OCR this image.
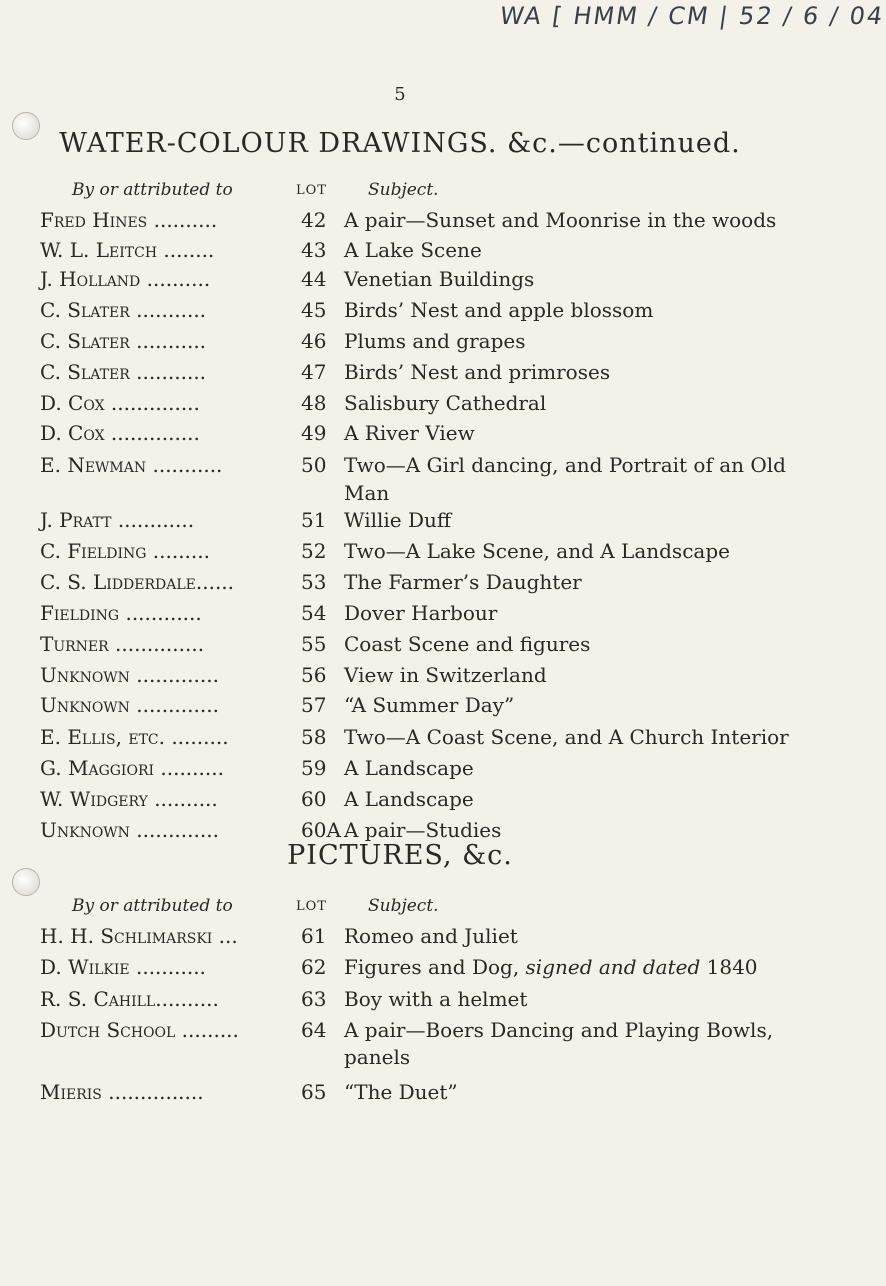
WA [ HMM / CM | 52 / 6 / 04
5
WATER-COLOUR DRAWINGS. &c.—continued.
By or attributed to	LOT Subject.
Fred Hines ..........	42 A pair—Sunset and Moonrise in the woods
W. L. Leitch ........	43 A Lake Scene
J. Holland ..........	44 Venetian Buildings
C. Slater ...........	45 Birds’ Nest and apple blossom
C. Slater ...........	46 Plums and grapes
C. Slater ...........	47 Birds’ Nest and primroses
D. Cox ..............	48 Salisbury Cathedral
D. Cox ..............	49 A River View
E. Newman ...........	50 Two—A Girl dancing, and Portrait of an Old
Man
J. Pratt ............	51 Willie Duff
C. Fielding .........	52 Two—A Lake Scene, and A Landscape
C. S. Lidderdale......	53 The Farmer’s Daughter
Fielding ............	54 Dover Harbour
Turner ..............	55 Coast Scene and figures
Unknown .............	56 View in Switzerland
Unknown .............	57 “A Summer Day”
E. Ellis, etc. .........	58 Two—A Coast Scene, and A Church Interior
G. Maggiori ..........	59 A Landscape
W. Widgery ..........	60 A Landscape
Unknown .............	60A A pair—Studies
PICTURES, &c.
By or attributed to	LOT Subject.
H. H. Schlimarski ...	61 Romeo and Juliet
D. Wilkie ...........	62 Figures and Dog, signed and dated 1840
R. S. Cahill..........	63 Boy with a helmet
Dutch School .........	64 A pair—Boers Dancing and Playing Bowls,
panels
Mieris ...............	65 “The Duet”
